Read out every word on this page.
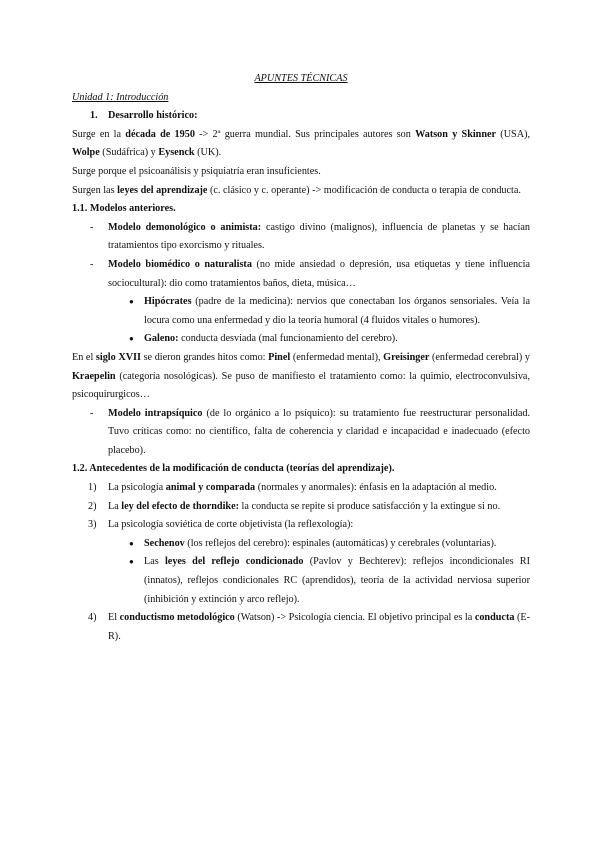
APUNTES TÉCNICAS

Unidad 1: Introducción

1. Desarrollo histórico:

Surge en la década de 1950 -> 2ª guerra mundial. Sus principales autores son Watson y Skinner (USA), Wolpe (Sudáfrica) y Eysenck (UK).

Surge porque el psicoanálisis y psiquiatría eran insuficientes.

Surgen las leyes del aprendizaje (c. clásico y c. operante) -> modificación de conducta o terapia de conducta.

1.1. Modelos anteriores.

- Modelo demonológico o animista: castigo divino (malignos), influencia de planetas y se hacían tratamientos tipo exorcismo y rituales.

- Modelo biomédico o naturalista (no mide ansiedad o depresión, usa etiquetas y tiene influencia sociocultural): dio como tratamientos baños, dieta, música…

● Hipócrates (padre de la medicina): nervios que conectaban los órganos sensoriales. Veía la locura como una enfermedad y dio la teoría humoral (4 fluidos vitales o humores).

● Galeno: conducta desviada (mal funcionamiento del cerebro).

En el siglo XVII se dieron grandes hitos como: Pinel (enfermedad mental), Greisinger (enfermedad cerebral) y Kraepelin (categoría nosológicas). Se puso de manifiesto el tratamiento como: la quimio, electroconvulsiva, psicoquirurgicos…

- Modelo intrapsíquico (de lo orgánico a lo psíquico): su tratamiento fue reestructurar personalidad. Tuvo críticas como: no científico, falta de coherencia y claridad e incapacidad e inadecuado (efecto placebo).

1.2. Antecedentes de la modificación de conducta (teorías del aprendizaje).

1) La psicología animal y comparada (normales y anormales): énfasis en la adaptación al medio.

2) La ley del efecto de thorndike: la conducta se repite si produce satisfacción y la extingue si no.

3) La psicología soviética de corte objetivista (la reflexología):

● Sechenov (los reflejos del cerebro): espinales (automáticas) y cerebrales (voluntarias).

● Las leyes del reflejo condicionado (Pavlov y Bechterev): reflejos incondicionales RI (innatos), reflejos condicionales RC (aprendidos), teoría de la actividad nerviosa superior (inhibición y extinción y arco reflejo).

4) El conductismo metodológico (Watson) -> Psicología ciencia. El objetivo principal es la conducta (E-R).
